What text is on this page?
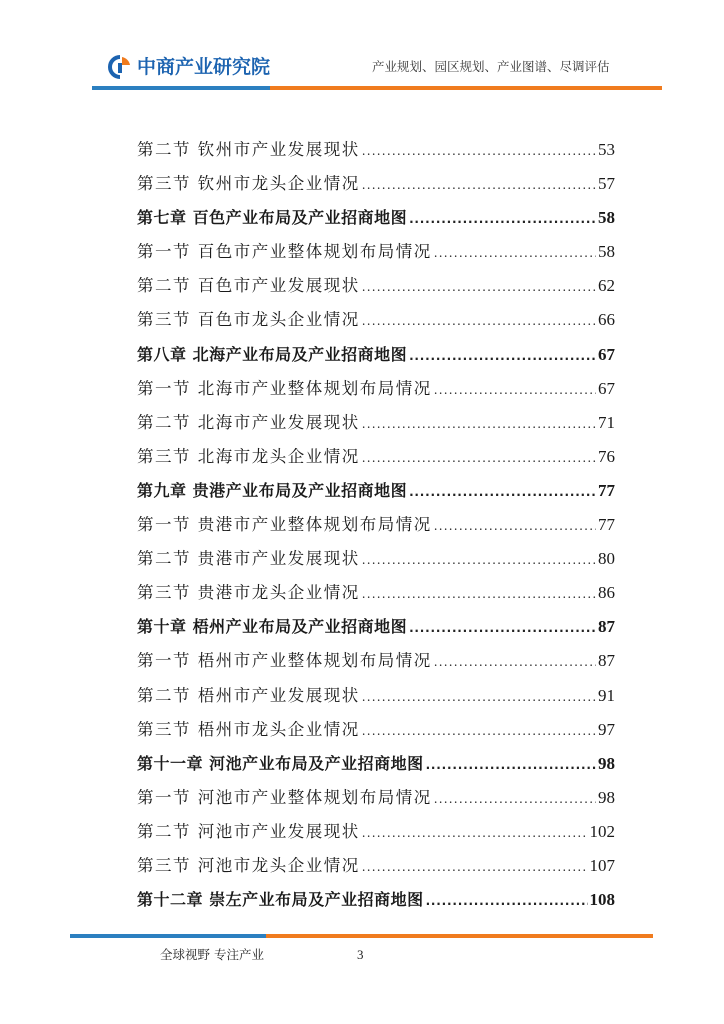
中商产业研究院	产业规划、园区规划、产业图谱、尽调评估
第二节 钦州市产业发展现状 .....	53
第三节 钦州市龙头企业情况 .....	57
第七章 百色产业布局及产业招商地图 .....	58
第一节 百色市产业整体规划布局情况 .....	58
第二节 百色市产业发展现状 .....	62
第三节 百色市龙头企业情况 .....	66
第八章 北海产业布局及产业招商地图 .....	67
第一节 北海市产业整体规划布局情况 .....	67
第二节 北海市产业发展现状 .....	71
第三节 北海市龙头企业情况 .....	76
第九章 贵港产业布局及产业招商地图 .....	77
第一节 贵港市产业整体规划布局情况 .....	77
第二节 贵港市产业发展现状 .....	80
第三节 贵港市龙头企业情况 .....	86
第十章 梧州产业布局及产业招商地图 .....	87
第一节 梧州市产业整体规划布局情况 .....	87
第二节 梧州市产业发展现状 .....	91
第三节 梧州市龙头企业情况 .....	97
第十一章 河池产业布局及产业招商地图 .....	98
第一节 河池市产业整体规划布局情况 .....	98
第二节 河池市产业发展现状 .....	102
第三节 河池市龙头企业情况 .....	107
第十二章 崇左产业布局及产业招商地图 .....	108
全球视野 专注产业	3
